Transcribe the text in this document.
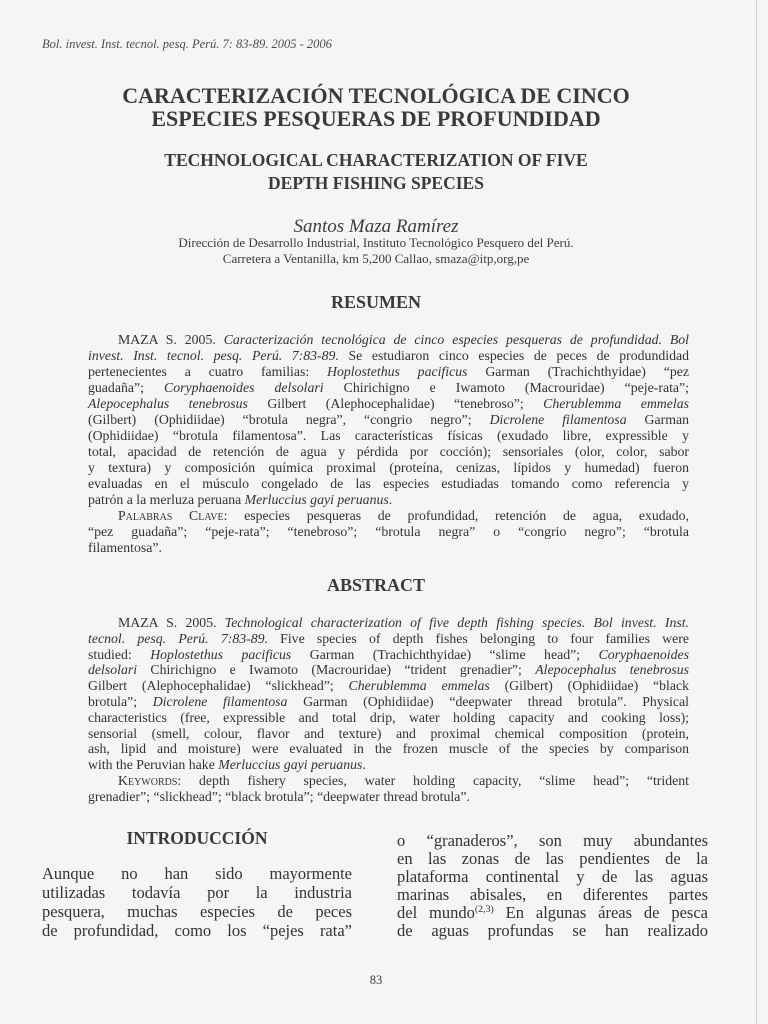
Bol. invest. Inst. tecnol. pesq. Perú. 7: 83-89. 2005 - 2006
CARACTERIZACIÓN TECNOLÓGICA DE CINCO
ESPECIES PESQUERAS DE PROFUNDIDAD
TECHNOLOGICAL CHARACTERIZATION OF FIVE
DEPTH FISHING SPECIES
Santos Maza Ramírez
Dirección de Desarrollo Industrial, Instituto Tecnológico Pesquero del Perú.
Carretera a Ventanilla, km 5,200 Callao, smaza@itp,org,pe
RESUMEN
MAZA S. 2005. Caracterización tecnológica de cinco especies pesqueras de profundidad. Bol
invest. Inst. tecnol. pesq. Perú. 7:83-89. Se estudiaron cinco especies de peces de produndidad
pertenecientes a cuatro familias: Hoplostethus pacificus Garman (Trachichthyidae) “pez
guadaña”; Coryphaenoides delsolari Chirichigno e Iwamoto (Macrouridae) “peje-rata”;
Alepocephalus tenebrosus Gilbert (Alephocephalidae) “tenebroso”; Cherublemma emmelas
(Gilbert) (Ophidiidae) “brotula negra”, “congrio negro”; Dicrolene filamentosa Garman
(Ophidiidae) “brotula filamentosa”. Las características físicas (exudado libre, expressible y
total, apacidad de retención de agua y pérdida por cocción); sensoriales (olor, color, sabor
y textura) y composición química proximal (proteína, cenizas, lípidos y humedad) fueron
evaluadas en el músculo congelado de las especies estudiadas tomando como referencia y
patrón a la merluza peruana Merluccius gayi peruanus.
Palabras Clave: especies pesqueras de profundidad, retención de agua, exudado,
“pez guadaña”; “peje-rata”; “tenebroso”; “brotula negra” o “congrio negro”; “brotula
filamentosa”.
ABSTRACT
MAZA S. 2005. Technological characterization of five depth fishing species. Bol invest. Inst.
tecnol. pesq. Perú. 7:83-89. Five species of depth fishes belonging to four families were
studied: Hoplostethus pacificus Garman (Trachichthyidae) “slime head”; Coryphaenoides
delsolari Chirichigno e Iwamoto (Macrouridae) “trident grenadier”; Alepocephalus tenebrosus
Gilbert (Alephocephalidae) “slickhead”; Cherublemma emmelas (Gilbert) (Ophidiidae) “black
brotula”; Dicrolene filamentosa Garman (Ophidiidae) “deepwater thread brotula”. Physical
characteristics (free, expressible and total drip, water holding capacity and cooking loss);
sensorial (smell, colour, flavor and texture) and proximal chemical composition (protein,
ash, lipid and moisture) were evaluated in the frozen muscle of the species by comparison
with the Peruvian hake Merluccius gayi peruanus.
Keywords: depth fishery species, water holding capacity, “slime head”; “trident
grenadier”; “slickhead”; “black brotula”; “deepwater thread brotula”.
INTRODUCCIÓN
Aunque no han sido mayormente
utilizadas todavía por la industria
pesquera, muchas especies de peces
de profundidad, como los “pejes rata”
o “granaderos”, son muy abundantes
en las zonas de las pendientes de la
plataforma continental y de las aguas
marinas abisales, en diferentes partes
del mundo$^{(2,3)}$ En algunas áreas de pesca
de aguas profundas se han realizado
83
